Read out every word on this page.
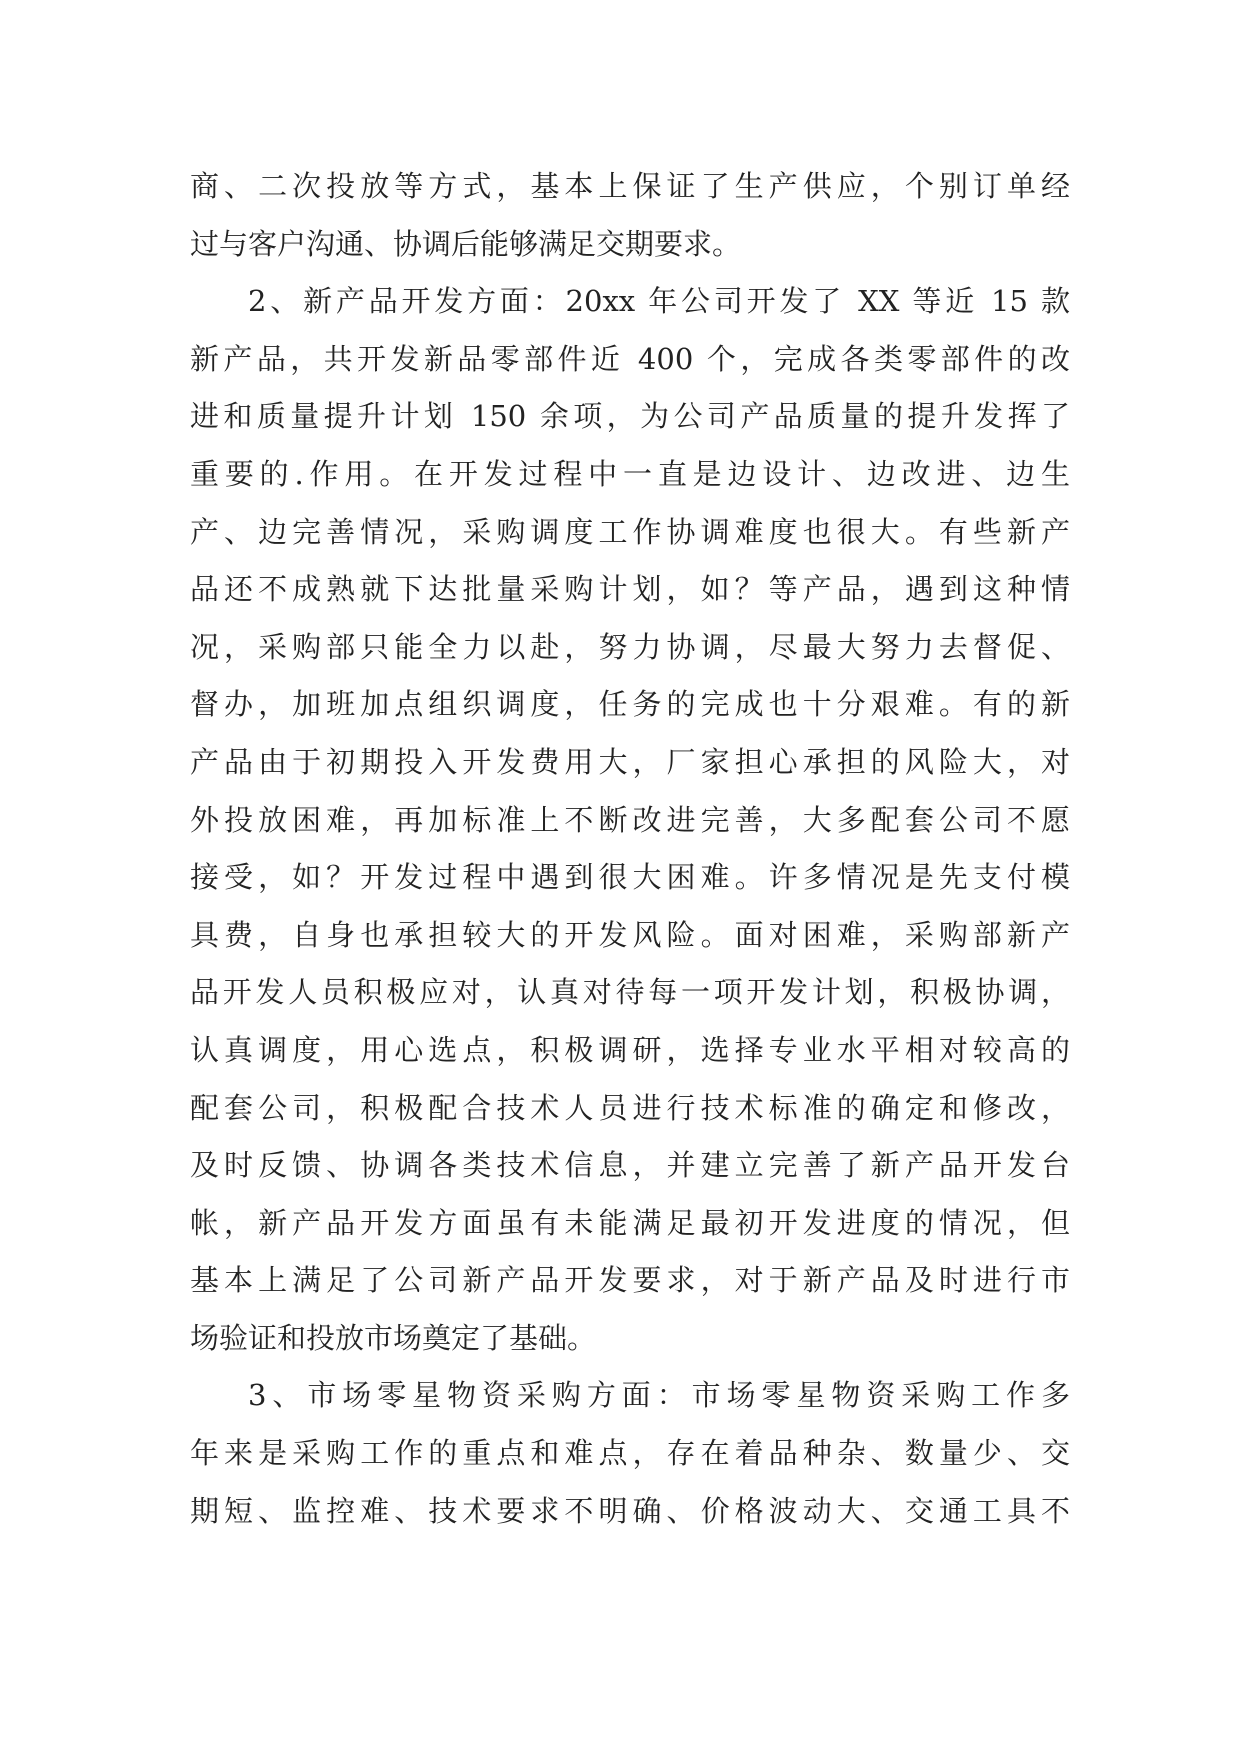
商、二次投放等方式，基本上保证了生产供应，个别订单经
过与客户沟通、协调后能够满足交期要求。
2、新产品开发方面：20xx 年公司开发了 XX 等近 15 款
新产品，共开发新品零部件近 400 个，完成各类零部件的改
进和质量提升计划 150 余项，为公司产品质量的提升发挥了
重要的.作用。在开发过程中一直是边设计、边改进、边生
产、边完善情况，采购调度工作协调难度也很大。有些新产
品还不成熟就下达批量采购计划，如？等产品，遇到这种情
况，采购部只能全力以赴，努力协调，尽最大努力去督促、
督办，加班加点组织调度，任务的完成也十分艰难。有的新
产品由于初期投入开发费用大，厂家担心承担的风险大，对
外投放困难，再加标准上不断改进完善，大多配套公司不愿
接受，如？开发过程中遇到很大困难。许多情况是先支付模
具费，自身也承担较大的开发风险。面对困难，采购部新产
品开发人员积极应对，认真对待每一项开发计划，积极协调，
认真调度，用心选点，积极调研，选择专业水平相对较高的
配套公司，积极配合技术人员进行技术标准的确定和修改，
及时反馈、协调各类技术信息，并建立完善了新产品开发台
帐，新产品开发方面虽有未能满足最初开发进度的情况，但
基本上满足了公司新产品开发要求，对于新产品及时进行市
场验证和投放市场奠定了基础。
3、市场零星物资采购方面：市场零星物资采购工作多
年来是采购工作的重点和难点，存在着品种杂、数量少、交
期短、监控难、技术要求不明确、价格波动大、交通工具不
